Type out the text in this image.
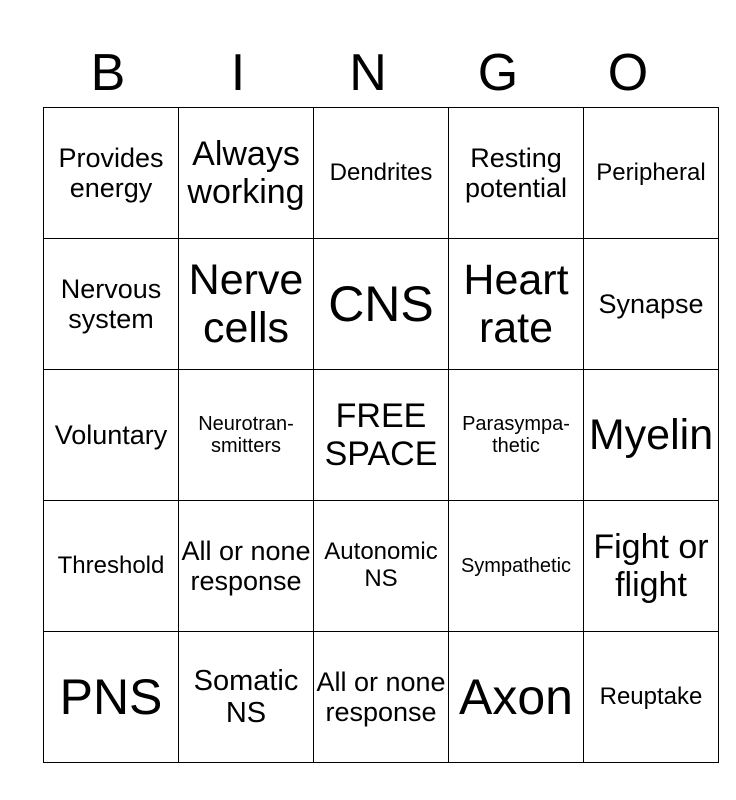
B	I	N	G	O
Provides energy	Always working	Dendrites	Resting potential	Peripheral
Nervous system	Nerve cells	CNS	Heart rate	Synapse
Voluntary	Neurotran-smitters	FREE SPACE	Parasympa-thetic	Myelin
Threshold	All or none response	Autonomic NS	Sympathetic	Fight or flight
PNS	Somatic NS	All or none response	Axon	Reuptake
